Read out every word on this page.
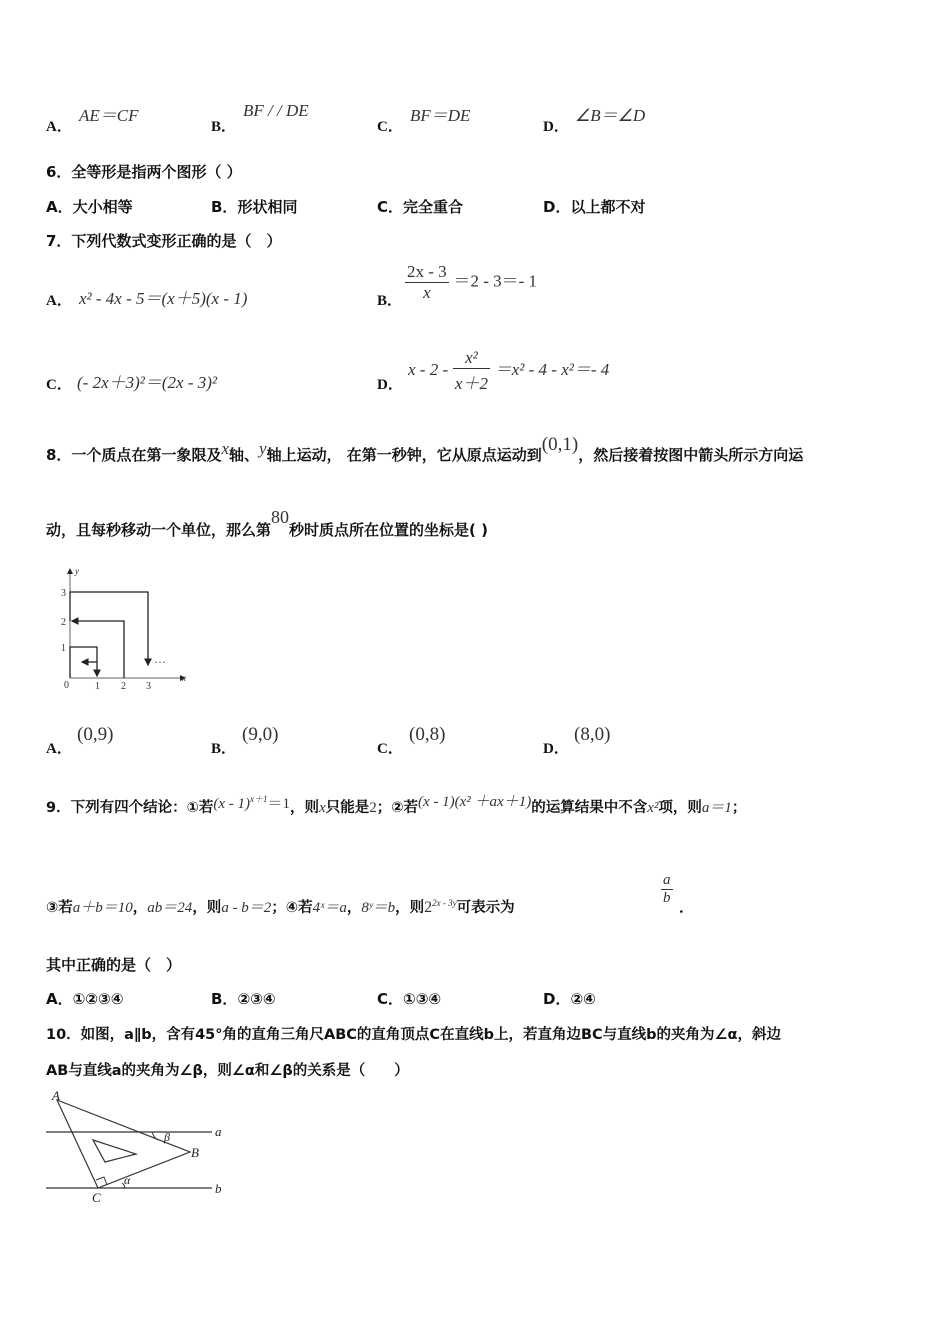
A．
AE＝CF
B．
BF / / DE
C．
BF＝DE
D．
∠B＝∠D
6．全等形是指两个图形（ ）
A．大小相等	B．形状相同	C．完全重合	D．以上都不对
7．下列代数式变形正确的是（　）
A． x² - 4x - 5＝(x＋5)(x - 1)	B． $\frac{2x - 3}{x} =2 - 3=-$ 1
C． (- 2x＋3)²＝(2x - 3)²	D．
$x - 2 - \frac{\text{x²}}{x+2} =x^2 - 4 - x^2=-$ 4
8．一个质点在第一象限及x轴、y轴上运动， 在第一秒钟，它从原点运动到(0,1)，然后接着按图中箭头所示方向运
动，且每秒移动一个单位，那么第80秒时质点所在位置的坐标是( )
y
x
0	1 2 3
1
2
3
…
A．
(0,9)
B．
(9,0)
C．
(0,8)
D．
(8,0)
9．下列有四个结论：①若(x - 1)$^{x+1}$＝1，则x只能是2；②若(x - 1)(x² ＋ax＋1)的运算结果中不含x²项，则a＝1；
③若a＋b＝10，ab＝24，则a - b＝2；④若4ˣ＝a，8ʸ＝b，则$2^{2x - 3y}$可表示为
$\frac{a}{b}$ ．
其中正确的是（　）
A．①②③④	B．②③④	C．①③④	D．②④
10．如图，a∥b，含有45°角的直角三角尺ABC的直角顶点C在直线b上，若直角边BC与直线b的夹角为∠α，斜边
AB与直线a的夹角为∠β，则∠α和∠β的关系是（　　）
A
B
C
a
b
α
β
